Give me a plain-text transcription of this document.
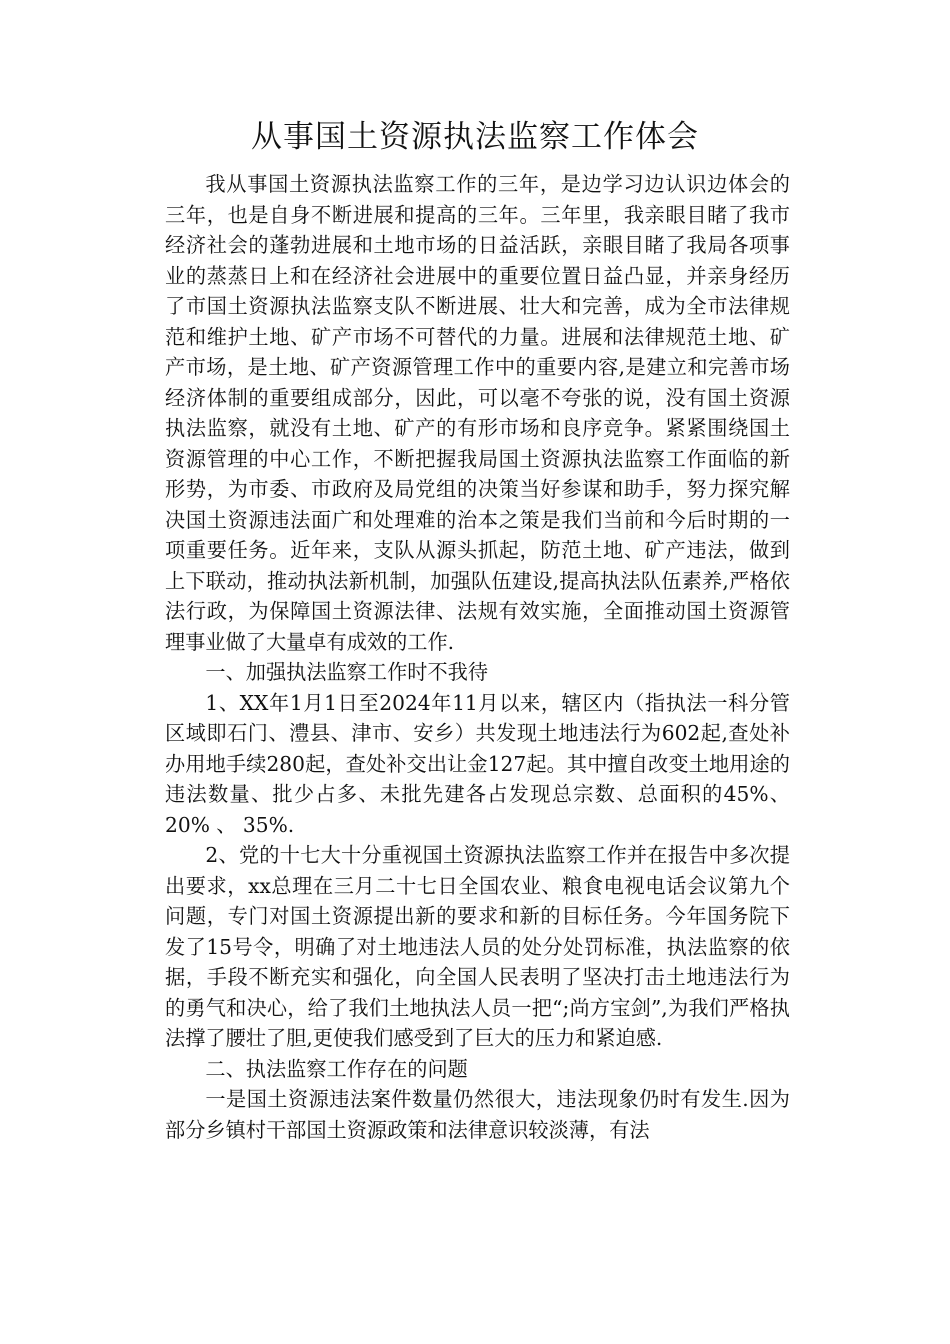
从事国土资源执法监察工作体会

我从事国土资源执法监察工作的三年，是边学习边认识边体会的三年，也是自身不断进展和提高的三年。三年里，我亲眼目睹了我市经济社会的蓬勃进展和土地市场的日益活跃，亲眼目睹了我局各项事业的蒸蒸日上和在经济社会进展中的重要位置日益凸显，并亲身经历了市国土资源执法监察支队不断进展、壮大和完善，成为全市法律规范和维护土地、矿产市场不可替代的力量。进展和法律规范土地、矿产市场，是土地、矿产资源管理工作中的重要内容,是建立和完善市场经济体制的重要组成部分，因此，可以毫不夸张的说，没有国土资源执法监察，就没有土地、矿产的有形市场和良序竞争。紧紧围绕国土资源管理的中心工作，不断把握我局国土资源执法监察工作面临的新形势，为市委、市政府及局党组的决策当好参谋和助手，努力探究解决国土资源违法面广和处理难的治本之策是我们当前和今后时期的一项重要任务。近年来，支队从源头抓起，防范土地、矿产违法，做到上下联动，推动执法新机制，加强队伍建设,提高执法队伍素养,严格依法行政，为保障国土资源法律、法规有效实施，全面推动国土资源管理事业做了大量卓有成效的工作.

一、加强执法监察工作时不我待

1、XX年1月1日至2024年11月以来，辖区内（指执法一科分管区域即石门、澧县、津市、安乡）共发现土地违法行为602起,查处补办用地手续280起，查处补交出让金127起。其中擅自改变土地用途的违法数量、批少占多、未批先建各占发现总宗数、总面积的45%、 20% 、 35%.

2、党的十七大十分重视国土资源执法监察工作并在报告中多次提出要求，xx总理在三月二十七日全国农业、粮食电视电话会议第九个问题，专门对国土资源提出新的要求和新的目标任务。今年国务院下发了15号令，明确了对土地违法人员的处分处罚标准，执法监察的依据，手段不断充实和强化，向全国人民表明了坚决打击土地违法行为的勇气和决心，给了我们土地执法人员一把“;尚方宝剑”,为我们严格执法撑了腰壮了胆,更使我们感受到了巨大的压力和紧迫感.

二、执法监察工作存在的问题

一是国土资源违法案件数量仍然很大，违法现象仍时有发生.因为部分乡镇村干部国土资源政策和法律意识较淡薄，有法
